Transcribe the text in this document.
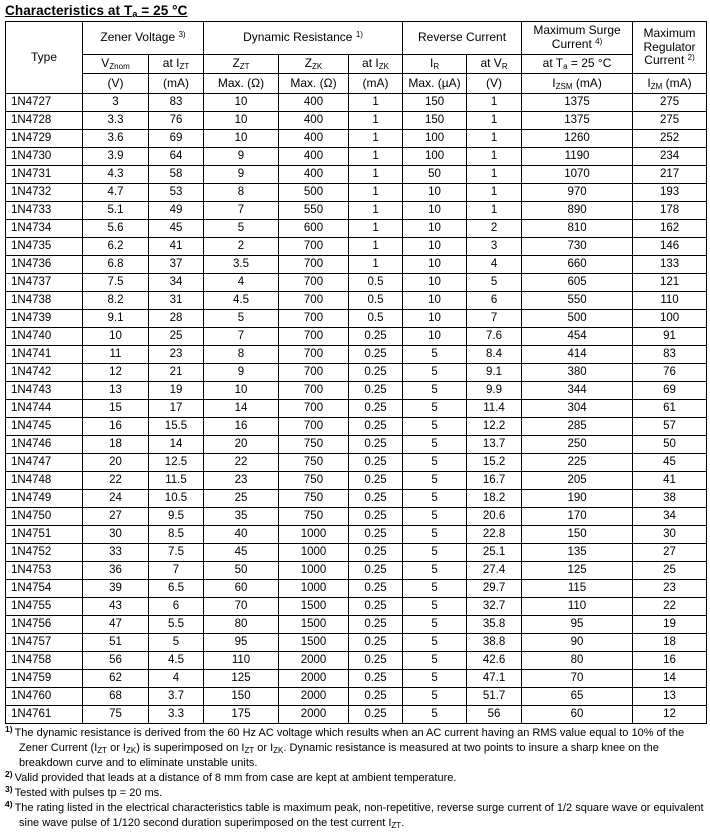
Characteristics at $T_a = 25$ °C
Type	Zener Voltage $^{3)}$		Dynamic Resistance $^{1)}$			Reverse Current		Maximum Surge Current $^{4)}$	Maximum Regulator Current $^{2)}$
	$V_{Znom}$	at $I_{ZT}$	$Z_{ZT}$	$Z_{ZK}$	at $I_{ZK}$	$I_R$	at $V_R$	at $T_a = 25$ °C	
	(V)	(mA)	Max. (Ω)	Max. (Ω)	(mA)	Max. (µA)	(V)	$I_{ZSM}$ (mA)	$I_{ZM}$ (mA)
1N4727	3	83	10	400	1	150	1	1375	275
1N4728	3.3	76	10	400	1	150	1	1375	275
1N4729	3.6	69	10	400	1	100	1	1260	252
1N4730	3.9	64	9	400	1	100	1	1190	234
1N4731	4.3	58	9	400	1	50	1	1070	217
1N4732	4.7	53	8	500	1	10	1	970	193
1N4733	5.1	49	7	550	1	10	1	890	178
1N4734	5.6	45	5	600	1	10	2	810	162
1N4735	6.2	41	2	700	1	10	3	730	146
1N4736	6.8	37	3.5	700	1	10	4	660	133
1N4737	7.5	34	4	700	0.5	10	5	605	121
1N4738	8.2	31	4.5	700	0.5	10	6	550	110
1N4739	9.1	28	5	700	0.5	10	7	500	100
1N4740	10	25	7	700	0.25	10	7.6	454	91
1N4741	11	23	8	700	0.25	5	8.4	414	83
1N4742	12	21	9	700	0.25	5	9.1	380	76
1N4743	13	19	10	700	0.25	5	9.9	344	69
1N4744	15	17	14	700	0.25	5	11.4	304	61
1N4745	16	15.5	16	700	0.25	5	12.2	285	57
1N4746	18	14	20	750	0.25	5	13.7	250	50
1N4747	20	12.5	22	750	0.25	5	15.2	225	45
1N4748	22	11.5	23	750	0.25	5	16.7	205	41
1N4749	24	10.5	25	750	0.25	5	18.2	190	38
1N4750	27	9.5	35	750	0.25	5	20.6	170	34
1N4751	30	8.5	40	1000	0.25	5	22.8	150	30
1N4752	33	7.5	45	1000	0.25	5	25.1	135	27
1N4753	36	7	50	1000	0.25	5	27.4	125	25
1N4754	39	6.5	60	1000	0.25	5	29.7	115	23
1N4755	43	6	70	1500	0.25	5	32.7	110	22
1N4756	47	5.5	80	1500	0.25	5	35.8	95	19
1N4757	51	5	95	1500	0.25	5	38.8	90	18
1N4758	56	4.5	110	2000	0.25	5	42.6	80	16
1N4759	62	4	125	2000	0.25	5	47.1	70	14
1N4760	68	3.7	150	2000	0.25	5	51.7	65	13
1N4761	75	3.3	175	2000	0.25	5	56	60	12
$^{1)}$ The dynamic resistance is derived from the 60 Hz AC voltage which results when an AC current having an RMS value equal to 10% of the Zener Current ($I_{ZT}$ or $I_{ZK}$) is superimposed on $I_{ZT}$ or $I_{ZK}$. Dynamic resistance is measured at two points to insure a sharp knee on the breakdown curve and to eliminate unstable units.
$^{2)}$ Valid provided that leads at a distance of 8 mm from case are kept at ambient temperature.
$^{3)}$ Tested with pulses tp = 20 ms.
$^{4)}$ The rating listed in the electrical characteristics table is maximum peak, non-repetitive, reverse surge current of 1/2 square wave or equivalent sine wave pulse of 1/120 second duration superimposed on the test current $I_{ZT}$.
